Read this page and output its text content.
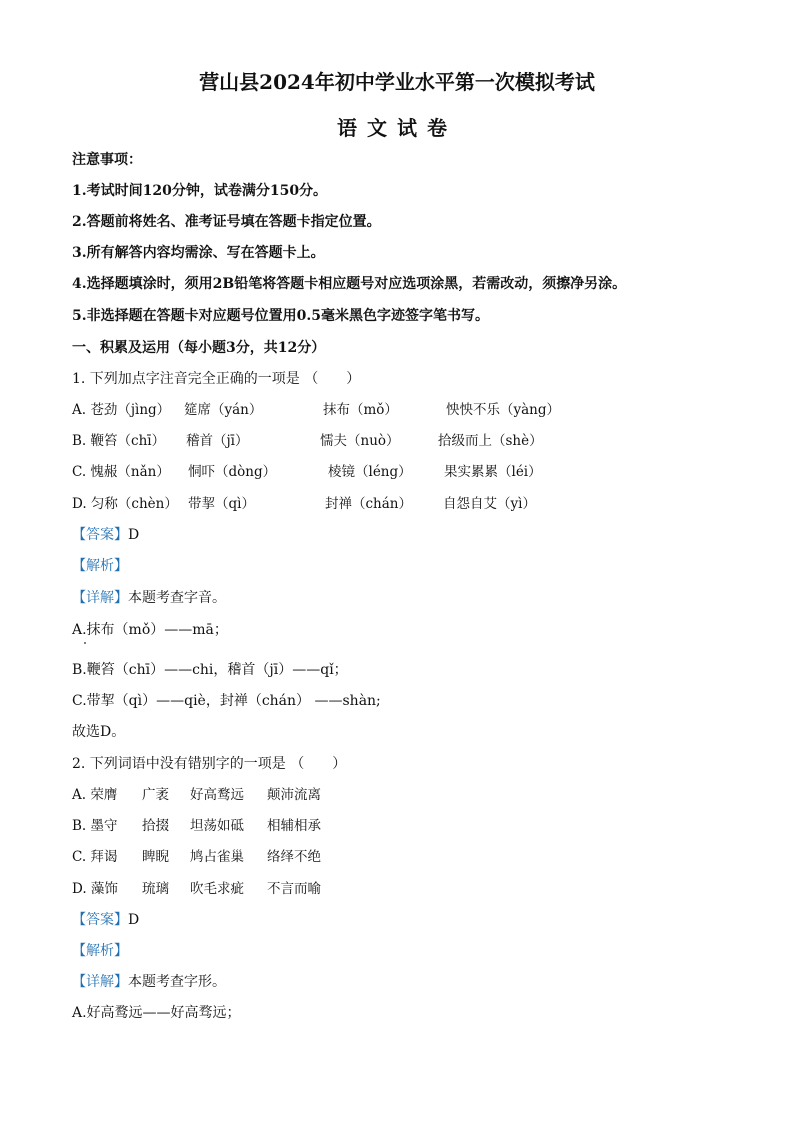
营山县2024年初中学业水平第一次模拟考试
语文试卷
注意事项：
1.考试时间120分钟，试卷满分150分。
2.答题前将姓名、准考证号填在答题卡指定位置。
3.所有解答内容均需涂、写在答题卡上。
4.选择题填涂时，须用2B铅笔将答题卡相应题号对应选项涂黑，若需改动，须擦净另涂。
5.非选择题在答题卡对应题号位置用0.5毫米黑色字迹签字笔书写。
一、积累及运用（每小题3分，共12分）
1. 下列加点字注音完全正确的一项是 （　　）
A. 苍劲（jìng） 筵席（yán）	抹布（mǒ）	怏怏不乐（yàng）
B. 鞭笞（chī） 稽首（jī）	懦夫（nuò）	拾级而上（shè）
C. 愧赧（nǎn） 恫吓（dòng）	棱镜（léng） 果实累累（léi）
D. 匀称（chèn） 带挈（qì）	封禅（chán） 自怨自艾（yì）
【答案】D
【解析】
【详解】本题考查字音。
A.抹布（mǒ）——mā；
B.鞭笞（chī）——chi，稽首（jī）——qǐ；
C.带挈（qì）——qiè，封禅（chán） ——shàn;
故选D。
2. 下列词语中没有错别字的一项是 （　　）
A. 荣膺 广袤 好高鹜远 颠沛流离
B. 墨守 拾掇 坦荡如砥 相辅相承
C. 拜谒 睥睨 鸠占雀巢 络绎不绝
D. 藻饰 琉璃 吹毛求疵 不言而喻
【答案】D
【解析】
【详解】本题考查字形。
A.好高鹜远——好高骛远；
